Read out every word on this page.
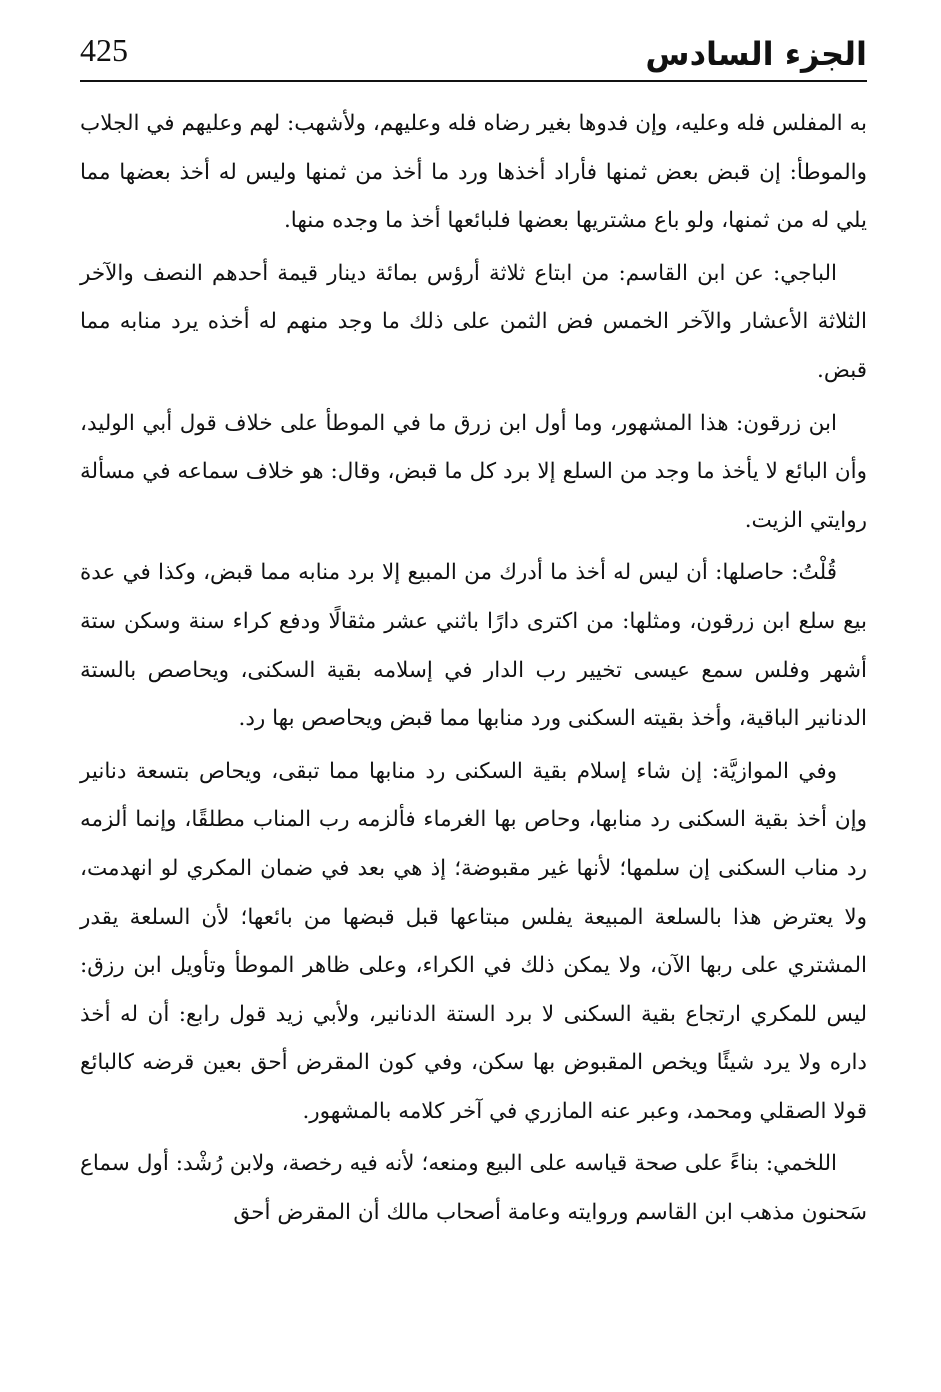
الجزء السادس
425

به المفلس فله وعليه، وإن فدوها بغير رضاه فله وعليهم، ولأشهب: لهم وعليهم في الجلاب والموطأ: إن قبض بعض ثمنها فأراد أخذها ورد ما أخذ من ثمنها وليس له أخذ بعضها مما يلي له من ثمنها، ولو باع مشتريها بعضها فلبائعها أخذ ما وجده منها.

الباجي: عن ابن القاسم: من ابتاع ثلاثة أرؤس بمائة دينار قيمة أحدهم النصف والآخر الثلاثة الأعشار والآخر الخمس فض الثمن على ذلك ما وجد منهم له أخذه يرد منابه مما قبض.

ابن زرقون: هذا المشهور، وما أول ابن زرق ما في الموطأ على خلاف قول أبي الوليد، وأن البائع لا يأخذ ما وجد من السلع إلا برد كل ما قبض، وقال: هو خلاف سماعه في مسألة روايتي الزيت.

قُلْتُ: حاصلها: أن ليس له أخذ ما أدرك من المبيع إلا برد منابه مما قبض، وكذا في عدة بيع سلع ابن زرقون، ومثلها: من اكترى دارًا باثني عشر مثقالًا ودفع كراء سنة وسكن ستة أشهر وفلس سمع عيسى تخيير رب الدار في إسلامه بقية السكنى، ويحاصص بالستة الدنانير الباقية، وأخذ بقيته السكنى ورد منابها مما قبض ويحاصص بها رد.

وفي الموازيَّة: إن شاء إسلام بقية السكنى رد منابها مما تبقى، ويحاص بتسعة دنانير وإن أخذ بقية السكنى رد منابها، وحاص بها الغرماء فألزمه رب المناب مطلقًا، وإنما ألزمه رد مناب السكنى إن سلمها؛ لأنها غير مقبوضة؛ إذ هي بعد في ضمان المكري لو انهدمت، ولا يعترض هذا بالسلعة المبيعة يفلس مبتاعها قبل قبضها من بائعها؛ لأن السلعة يقدر المشتري على ربها الآن، ولا يمكن ذلك في الكراء، وعلى ظاهر الموطأ وتأويل ابن رزق: ليس للمكري ارتجاع بقية السكنى لا برد الستة الدنانير، ولأبي زيد قول رابع: أن له أخذ داره ولا يرد شيئًا ويخص المقبوض بها سكن، وفي كون المقرض أحق بعين قرضه كالبائع قولا الصقلي ومحمد، وعبر عنه المازري في آخر كلامه بالمشهور.

اللخمي: بناءً على صحة قياسه على البيع ومنعه؛ لأنه فيه رخصة، ولابن رُشْد: أول سماع سَحنون مذهب ابن القاسم وروايته وعامة أصحاب مالك أن المقرض أحق
